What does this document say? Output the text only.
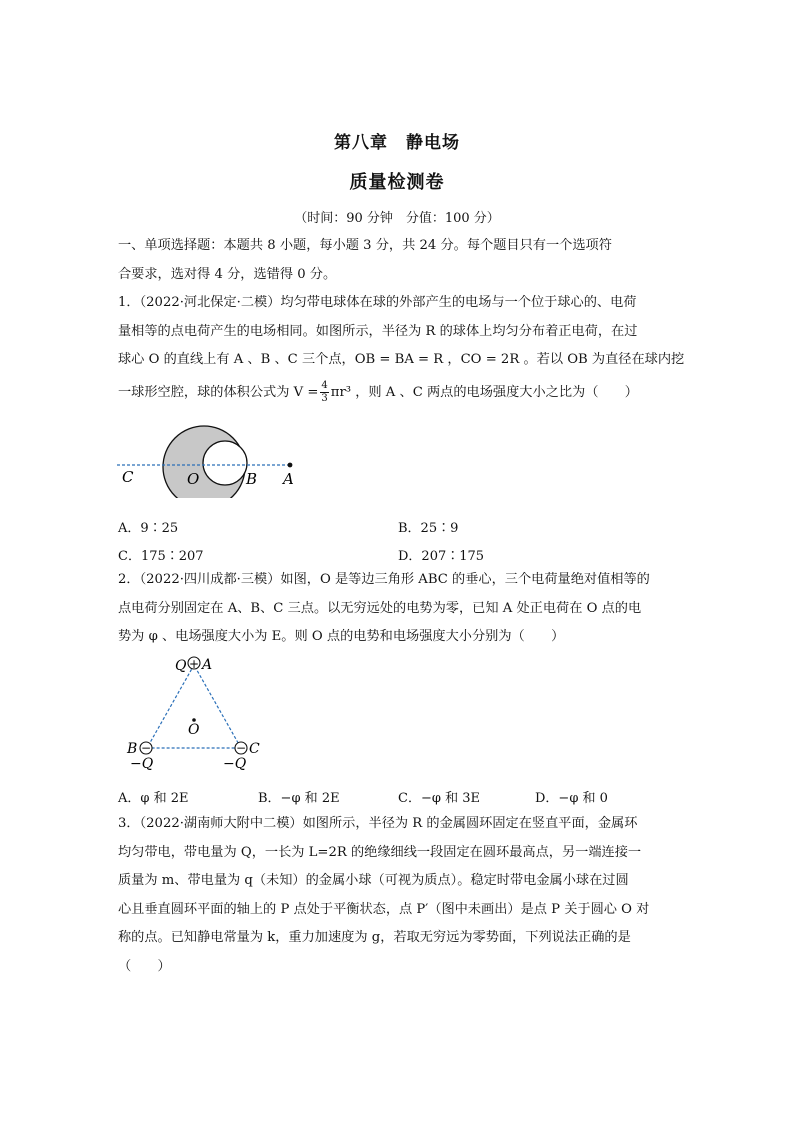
第八章　静电场
质量检测卷
（时间：90 分钟　分值：100 分）
一、单项选择题：本题共 8 小题，每小题 3 分，共 24 分。每个题目只有一个选项符
合要求，选对得 4 分，选错得 0 分。
1．（2022·河北保定·二模）均匀带电球体在球的外部产生的电场与一个位于球心的、电荷
量相等的点电荷产生的电场相同。如图所示，半径为 R 的球体上均匀分布着正电荷，在过
球心 O 的直线上有 A 、B 、C 三个点，OB = BA = R ，CO = 2R 。若以 OB 为直径在球内挖
一球形空腔，球的体积公式为 $V = \frac{4}{3} \pi r^3$ ，则 A 、C 两点的电场强度大小之比为（　　）
C	O	B A
A．9∶25	B．25∶9
C．175∶207	D．207∶175
2．（2022·四川成都·三模）如图，O 是等边三角形 ABC 的垂心，三个电荷量绝对值相等的
点电荷分别固定在 A、B、C 三点。以无穷远处的电势为零，已知 A 处正电荷在 O 点的电
势为 φ 、电场强度大小为 E。则 O 点的电势和电场强度大小分别为（　　）
+
Q A
O
−
B
−Q
− C
−Q
A．φ 和 2E	B．−φ 和 2E	C．−φ 和 3E	D．−φ 和 0
3．（2022·湖南师大附中二模）如图所示，半径为 R 的金属圆环固定在竖直平面，金属环
均匀带电，带电量为 Q，一长为 L=2R 的绝缘细线一段固定在圆环最高点，另一端连接一
质量为 m、带电量为 q（未知）的金属小球（可视为质点）。稳定时带电金属小球在过圆
心且垂直圆环平面的轴上的 P 点处于平衡状态，点 P′（图中未画出）是点 P 关于圆心 O 对
称的点。已知静电常量为 k，重力加速度为 g，若取无穷远为零势面，下列说法正确的是
（　　）
